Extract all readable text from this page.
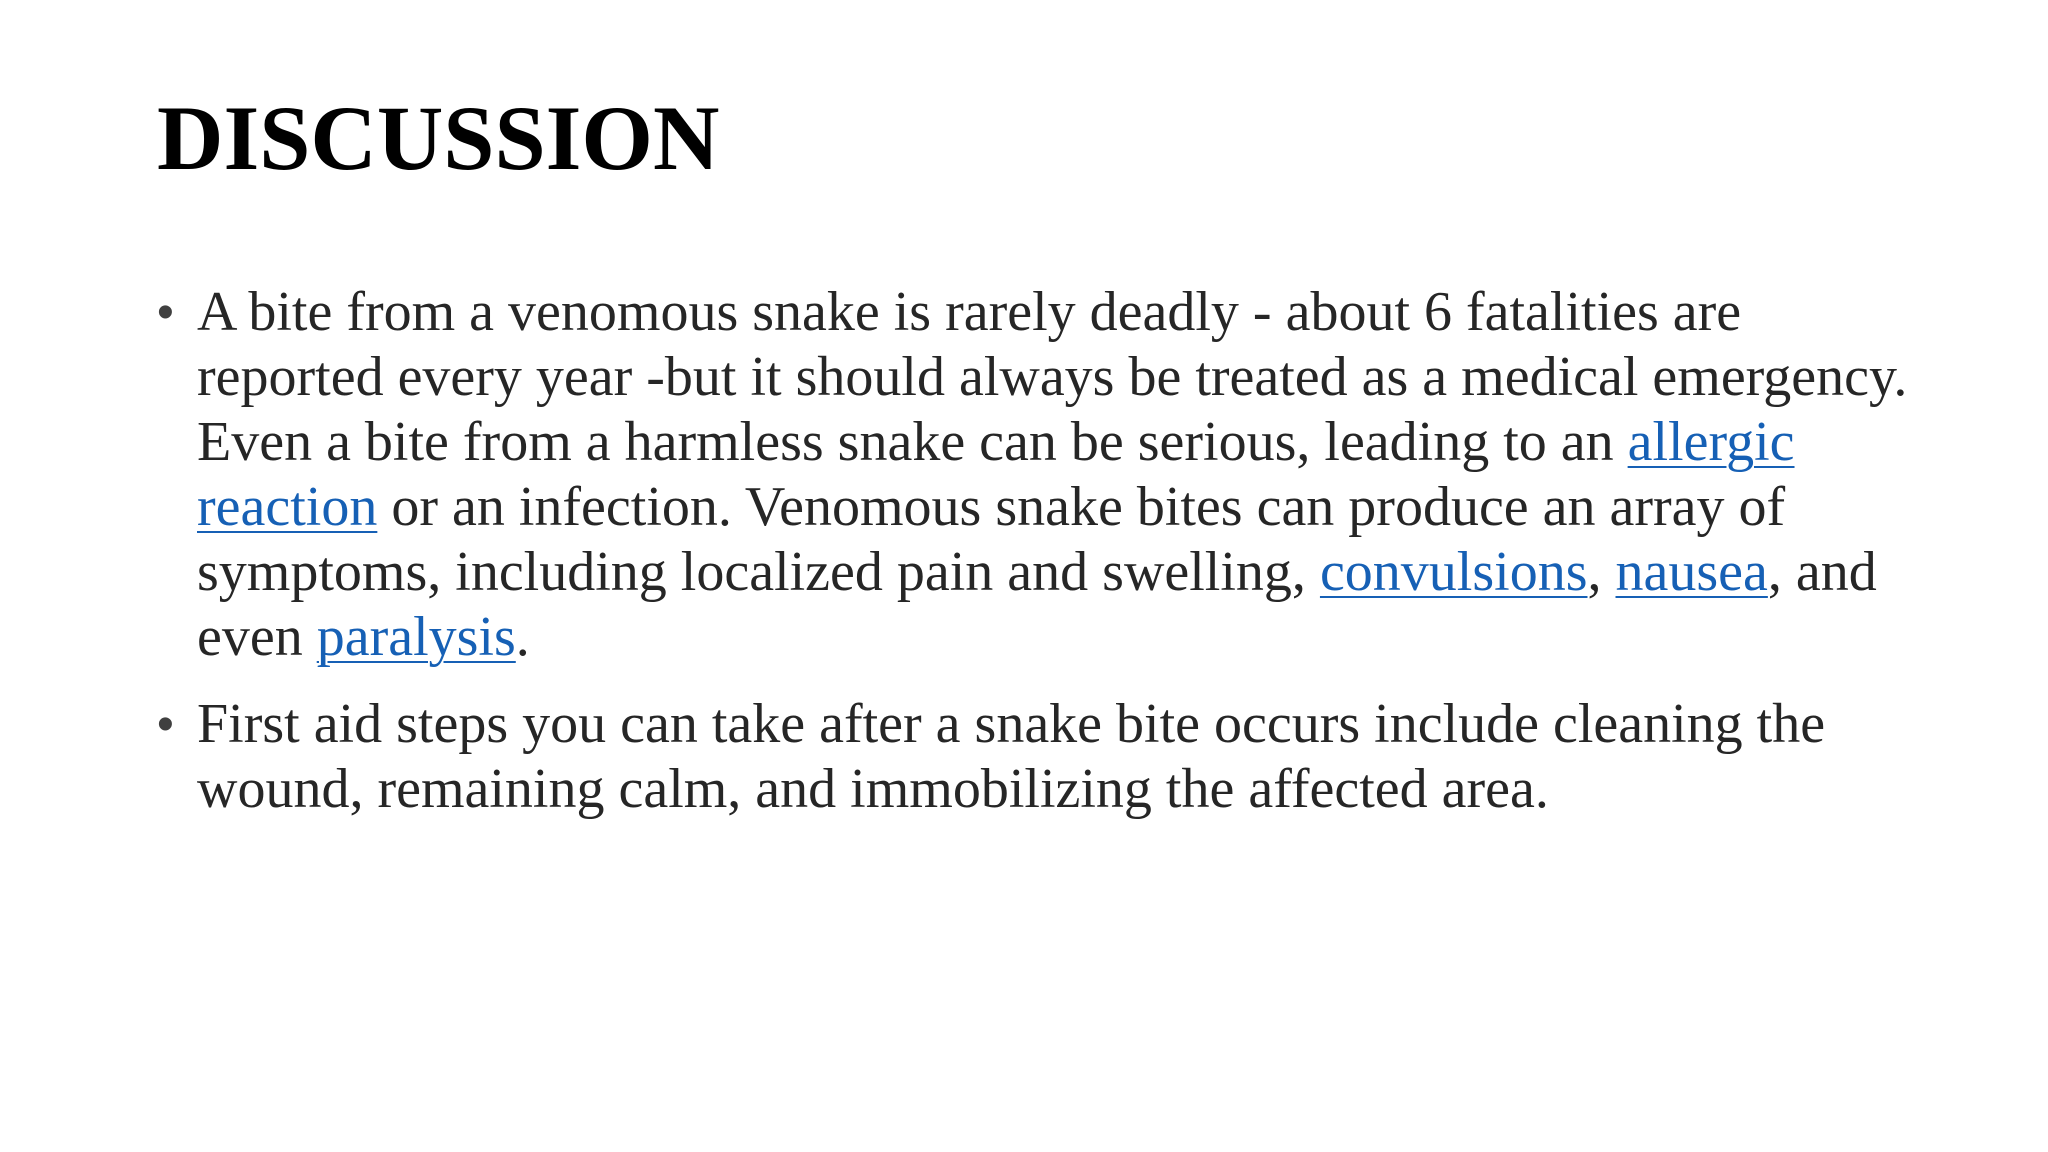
DISCUSSION
• A bite from a venomous snake is rarely deadly - about 6 fatalities are reported every year -but it should always be treated as a medical emergency. Even a bite from a harmless snake can be serious, leading to an allergic reaction or an infection. Venomous snake bites can produce an array of symptoms, including localized pain and swelling, convulsions, nausea, and even paralysis.
• First aid steps you can take after a snake bite occurs include cleaning the wound, remaining calm, and immobilizing the affected area.
